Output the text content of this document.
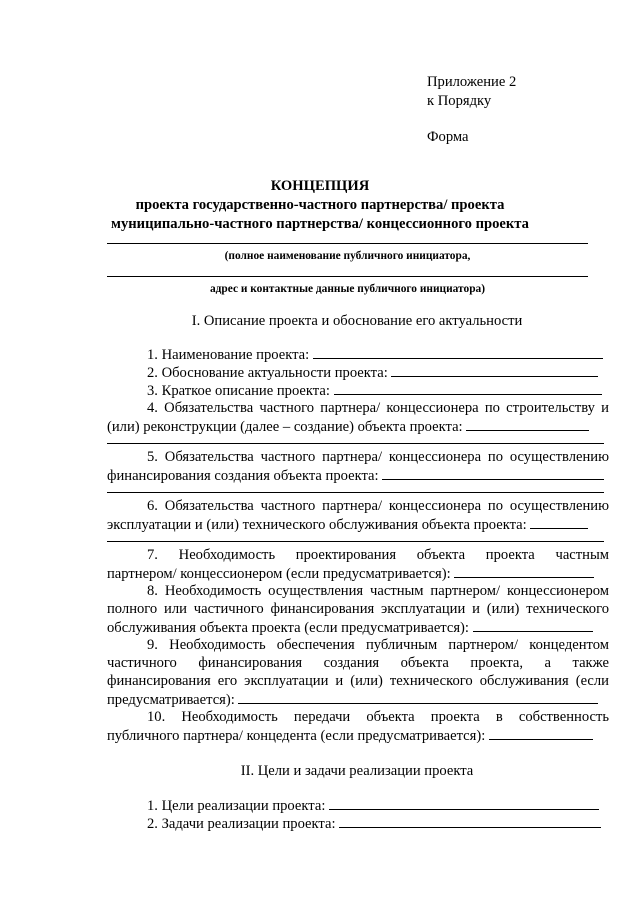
Приложение 2
к Порядку
Форма
КОНЦЕПЦИЯ
проекта государственно-частного партнерства/ проекта
муниципально-частного партнерства/ концессионного проекта
(полное наименование публичного инициатора,
адрес и контактные данные публичного инициатора)
I. Описание проекта и обоснование его актуальности
1. Наименование проекта:
2. Обоснование актуальности проекта:
3. Краткое описание проекта:
4. Обязательства частного партнера/ концессионера по строительству и
(или) реконструкции (далее – создание) объекта проекта:
5. Обязательства частного партнера/ концессионера по осуществлению
финансирования создания объекта проекта:
6. Обязательства частного партнера/ концессионера по осуществлению
эксплуатации и (или) технического обслуживания объекта проекта:
7. Необходимость проектирования объекта проекта частным
партнером/ концессионером (если предусматривается):
8. Необходимость осуществления частным партнером/ концессионером
полного или частичного финансирования эксплуатации и (или) технического
обслуживания объекта проекта (если предусматривается):
9. Необходимость обеспечения публичным партнером/ концедентом
частичного финансирования создания объекта проекта, а также
финансирования его эксплуатации и (или) технического обслуживания (если
предусматривается):
10. Необходимость передачи объекта проекта в собственность
публичного партнера/ концедента (если предусматривается):
II. Цели и задачи реализации проекта
1. Цели реализации проекта:
2. Задачи реализации проекта:
